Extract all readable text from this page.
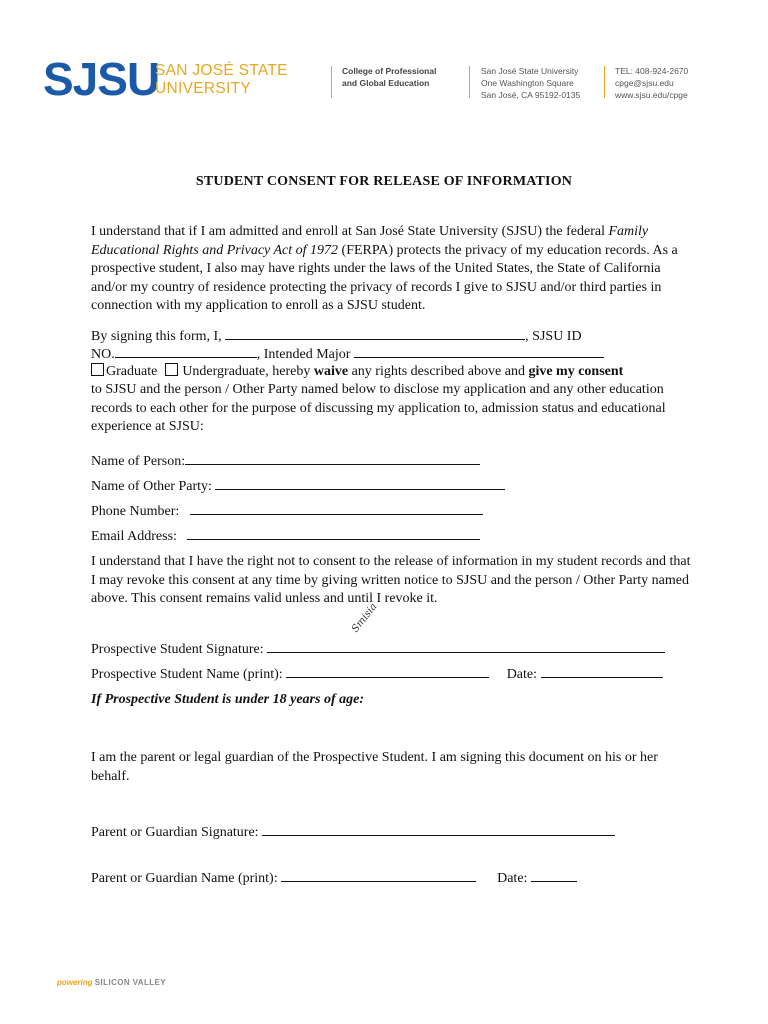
SJSU
SAN JOSÉ STATE
UNIVERSITY
College of Professional
and Global Education
San José State University
One Washington Square
San José, CA 95192-0135
TEL: 408-924-2670
cpge@sjsu.edu
www.sjsu.edu/cpge
STUDENT CONSENT FOR RELEASE OF INFORMATION
I understand that if I am admitted and enroll at San José State University (SJSU) the federal Family Educational Rights and Privacy Act of 1972 (FERPA) protects the privacy of my education records. As a prospective student, I also may have rights under the laws of the United States, the State of California and/or my country of residence protecting the privacy of records I give to SJSU and/or third parties in connection with my application to enroll as a SJSU student.
By signing this form, I,	, SJSU ID
NO.	, Intended Major
Graduate Undergraduate, hereby waive any rights described above and give my consent
to SJSU and the person / Other Party named below to disclose my application and any other education records to each other for the purpose of discussing my application to, admission status and educational experience at SJSU:
Name of Person:
Name of Other Party:
Phone Number:
Email Address:
I understand that I have the right not to consent to the release of information in my student records and that I may revoke this consent at any time by giving written notice to SJSU and the person / Other Party named above. This consent remains valid unless and until I revoke it.
Prospective Student Signature:
Smisia
Prospective Student Name (print):	Date:
If Prospective Student is under 18 years of age:
I am the parent or legal guardian of the Prospective Student. I am signing this document on his or her behalf.
Parent or Guardian Signature:
Parent or Guardian Name (print):	Date:
powering SILICON VALLEY
